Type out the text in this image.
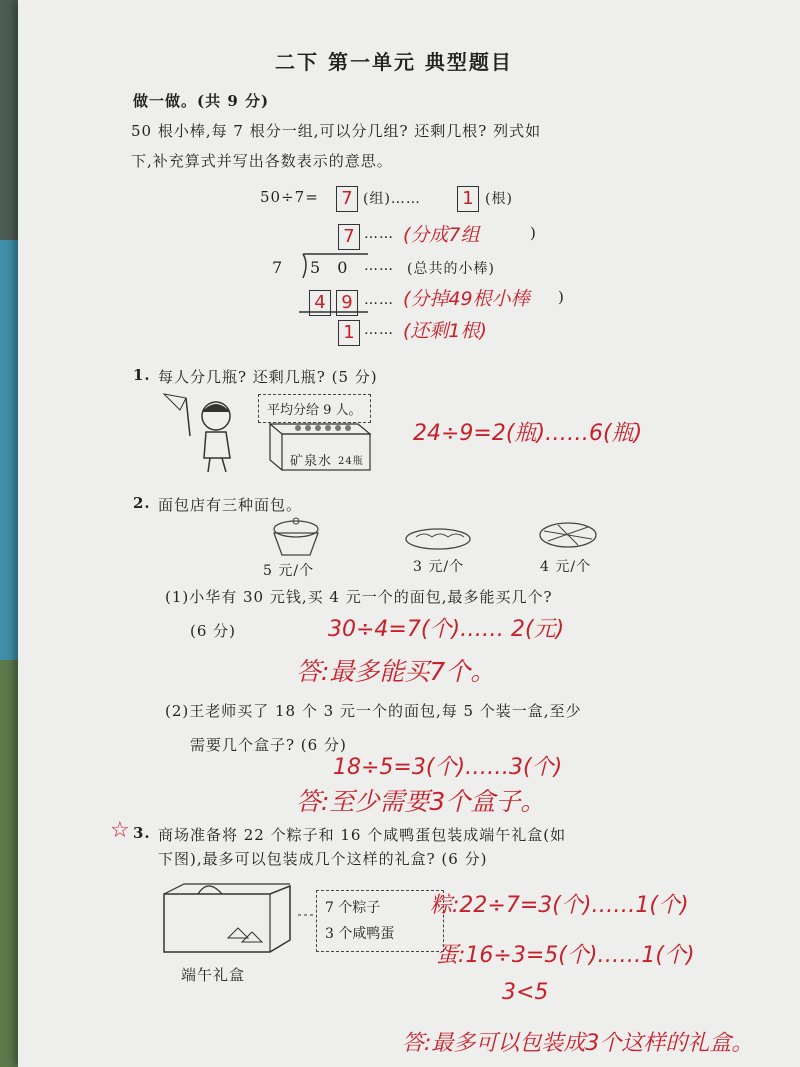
二下 第一单元 典型题目
做一做。(共 9 分)
50 根小棒,每 7 根分一组,可以分几组? 还剩几根? 列式如
下,补充算式并写出各数表示的意思。
50÷7= 7 (组)…… 1 (根)
7 …… (分成7组	)
7 5 0 …… (总共的小棒)
4 9 …… (分掉49根小棒 )
1 …… (还剩1根)
1. 每人分几瓶? 还剩几瓶? (5 分)
平均分给 9 人。
矿泉水 24瓶
24÷9=2(瓶)……6(瓶)
2. 面包店有三种面包。
5 元/个	3 元/个	4 元/个
(1)小华有 30 元钱,买 4 元一个的面包,最多能买几个?
(6 分)	30÷4=7(个)…… 2(元)
答:最多能买7个。
(2)王老师买了 18 个 3 元一个的面包,每 5 个装一盒,至少
需要几个盒子? (6 分)
18÷5=3(个)……3(个)
答:至少需要3个盒子。
☆ 3. 商场准备将 22 个粽子和 16 个咸鸭蛋包装成端午礼盒(如
下图),最多可以包装成几个这样的礼盒? (6 分)
端午礼盒
7 个粽子
3 个咸鸭蛋
粽:22÷7=3(个)……1(个)
蛋:16÷3=5(个)……1(个)
3<5
答:最多可以包装成3个这样的礼盒。
